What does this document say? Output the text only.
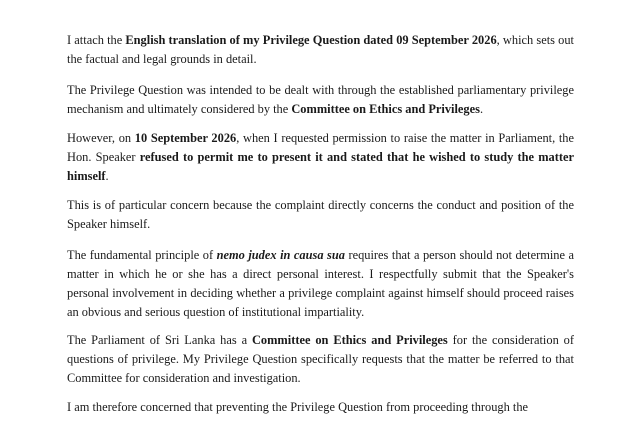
I attach the English translation of my Privilege Question dated 09 September 2026, which sets out the factual and legal grounds in detail.

The Privilege Question was intended to be dealt with through the established parliamentary privilege mechanism and ultimately considered by the Committee on Ethics and Privileges.

However, on 10 September 2026, when I requested permission to raise the matter in Parliament, the Hon. Speaker refused to permit me to present it and stated that he wished to study the matter himself.

This is of particular concern because the complaint directly concerns the conduct and position of the Speaker himself.

The fundamental principle of nemo judex in causa sua requires that a person should not determine a matter in which he or she has a direct personal interest. I respectfully submit that the Speaker's personal involvement in deciding whether a privilege complaint against himself should proceed raises an obvious and serious question of institutional impartiality.

The Parliament of Sri Lanka has a Committee on Ethics and Privileges for the consideration of questions of privilege. My Privilege Question specifically requests that the matter be referred to that Committee for consideration and investigation.

I am therefore concerned that preventing the Privilege Question from proceeding through the
